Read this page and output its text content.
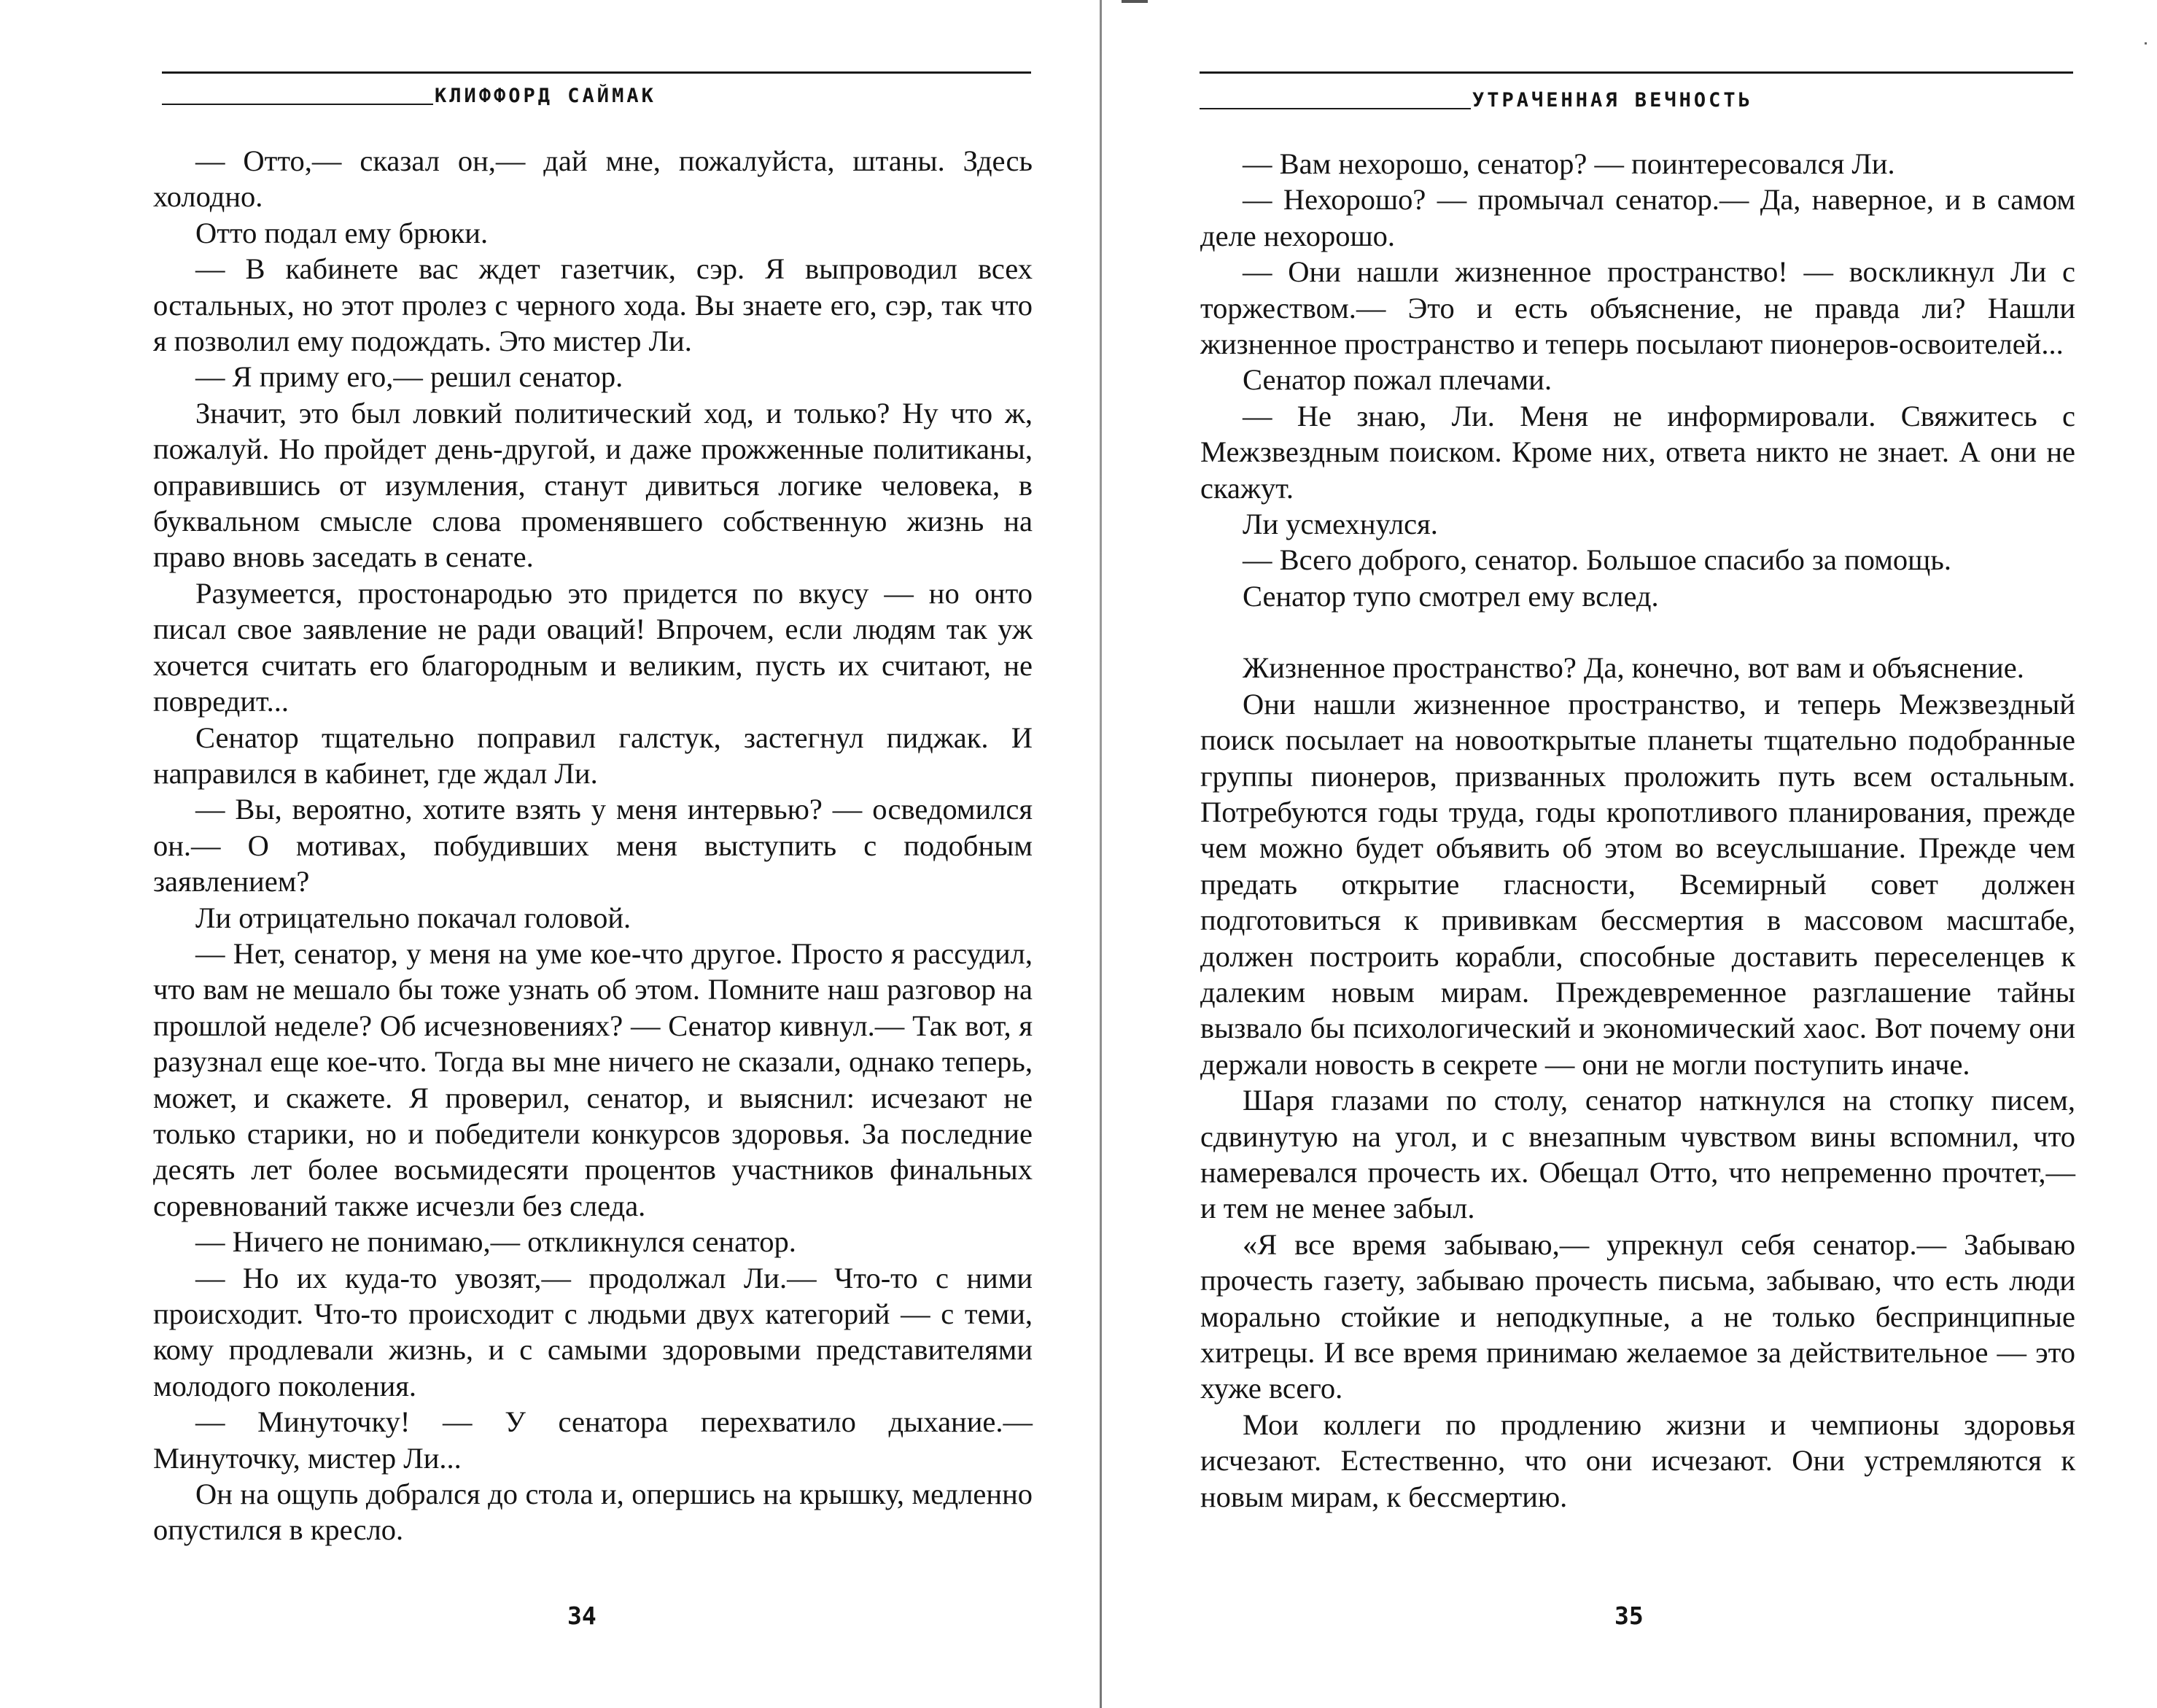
КЛИФФОРД САЙМАК

— Отто,— сказал он,— дай мне, пожалуйста, штаны. Здесь холодно.

Отто подал ему брюки.

— В кабинете вас ждет газетчик, сэр. Я выпроводил всех остальных, но этот пролез с черного хода. Вы знаете его, сэр, так что я позволил ему подождать. Это мистер Ли.

— Я приму его,— решил сенатор.

Значит, это был ловкий политический ход, и только? Ну что ж, пожалуй. Но пройдет день-другой, и даже прожженные политиканы, оправившись от изумления, станут дивиться логике человека, в буквальном смысле слова променявшего собственную жизнь на право вновь заседать в сенате.

Разумеется, простонародью это придется по вкусу — но онто писал свое заявление не ради оваций! Впрочем, если людям так уж хочется считать его благородным и великим, пусть их считают, не повредит...

Сенатор тщательно поправил галстук, застегнул пиджак. И направился в кабинет, где ждал Ли.

— Вы, вероятно, хотите взять у меня интервью? — осведомился он.— О мотивах, побудивших меня выступить с подобным заявлением?

Ли отрицательно покачал головой.

— Нет, сенатор, у меня на уме кое-что другое. Просто я рассудил, что вам не мешало бы тоже узнать об этом. Помните наш разговор на прошлой неделе? Об исчезновениях? — Сенатор кивнул.— Так вот, я разузнал еще кое-что. Тогда вы мне ничего не сказали, однако теперь, может, и скажете. Я проверил, сенатор, и выяснил: исчезают не только старики, но и победители конкурсов здоровья. За последние десять лет более восьмидесяти процентов участников финальных соревнований также исчезли без следа.

— Ничего не понимаю,— откликнулся сенатор.

— Но их куда-то увозят,— продолжал Ли.— Что-то с ними происходит. Что-то происходит с людьми двух категорий — с теми, кому продлевали жизнь, и с самыми здоровыми представителями молодого поколения.

— Минуточку! — У сенатора перехватило дыхание.— Минуточку, мистер Ли...

Он на ощупь добрался до стола и, опершись на крышку, медленно опустился в кресло.

34
УТРАЧЕННАЯ ВЕЧНОСТЬ

— Вам нехорошо, сенатор? — поинтересовался Ли.

— Нехорошо? — промычал сенатор.— Да, наверное, и в самом деле нехорошо.

— Они нашли жизненное пространство! — воскликнул Ли с торжеством.— Это и есть объяснение, не правда ли? Нашли жизненное пространство и теперь посылают пионеров-освоителей...

Сенатор пожал плечами.

— Не знаю, Ли. Меня не информировали. Свяжитесь с Межзвездным поиском. Кроме них, ответа никто не знает. А они не скажут.

Ли усмехнулся.

— Всего доброго, сенатор. Большое спасибо за помощь.

Сенатор тупо смотрел ему вслед.

Жизненное пространство? Да, конечно, вот вам и объяснение.

Они нашли жизненное пространство, и теперь Межзвездный поиск посылает на новооткрытые планеты тщательно подобранные группы пионеров, призванных проложить путь всем остальным. Потребуются годы труда, годы кропотливого планирования, прежде чем можно будет объявить об этом во всеуслышание. Прежде чем предать открытие гласности, Всемирный совет должен подготовиться к прививкам бессмертия в массовом масштабе, должен построить корабли, способные доставить переселенцев к далеким новым мирам. Преждевременное разглашение тайны вызвало бы психологический и экономический хаос. Вот почему они держали новость в секрете — они не могли поступить иначе.

Шаря глазами по столу, сенатор наткнулся на стопку писем, сдвинутую на угол, и с внезапным чувством вины вспомнил, что намеревался прочесть их. Обещал Отто, что непременно прочтет,— и тем не менее забыл.

«Я все время забываю,— упрекнул себя сенатор.— Забываю прочесть газету, забываю прочесть письма, забываю, что есть люди морально стойкие и неподкупные, а не только беспринципные хитрецы. И все время принимаю желаемое за действительное — это хуже всего.

Мои коллеги по продлению жизни и чемпионы здоровья исчезают. Естественно, что они исчезают. Они устремляются к новым мирам, к бессмертию.

35
